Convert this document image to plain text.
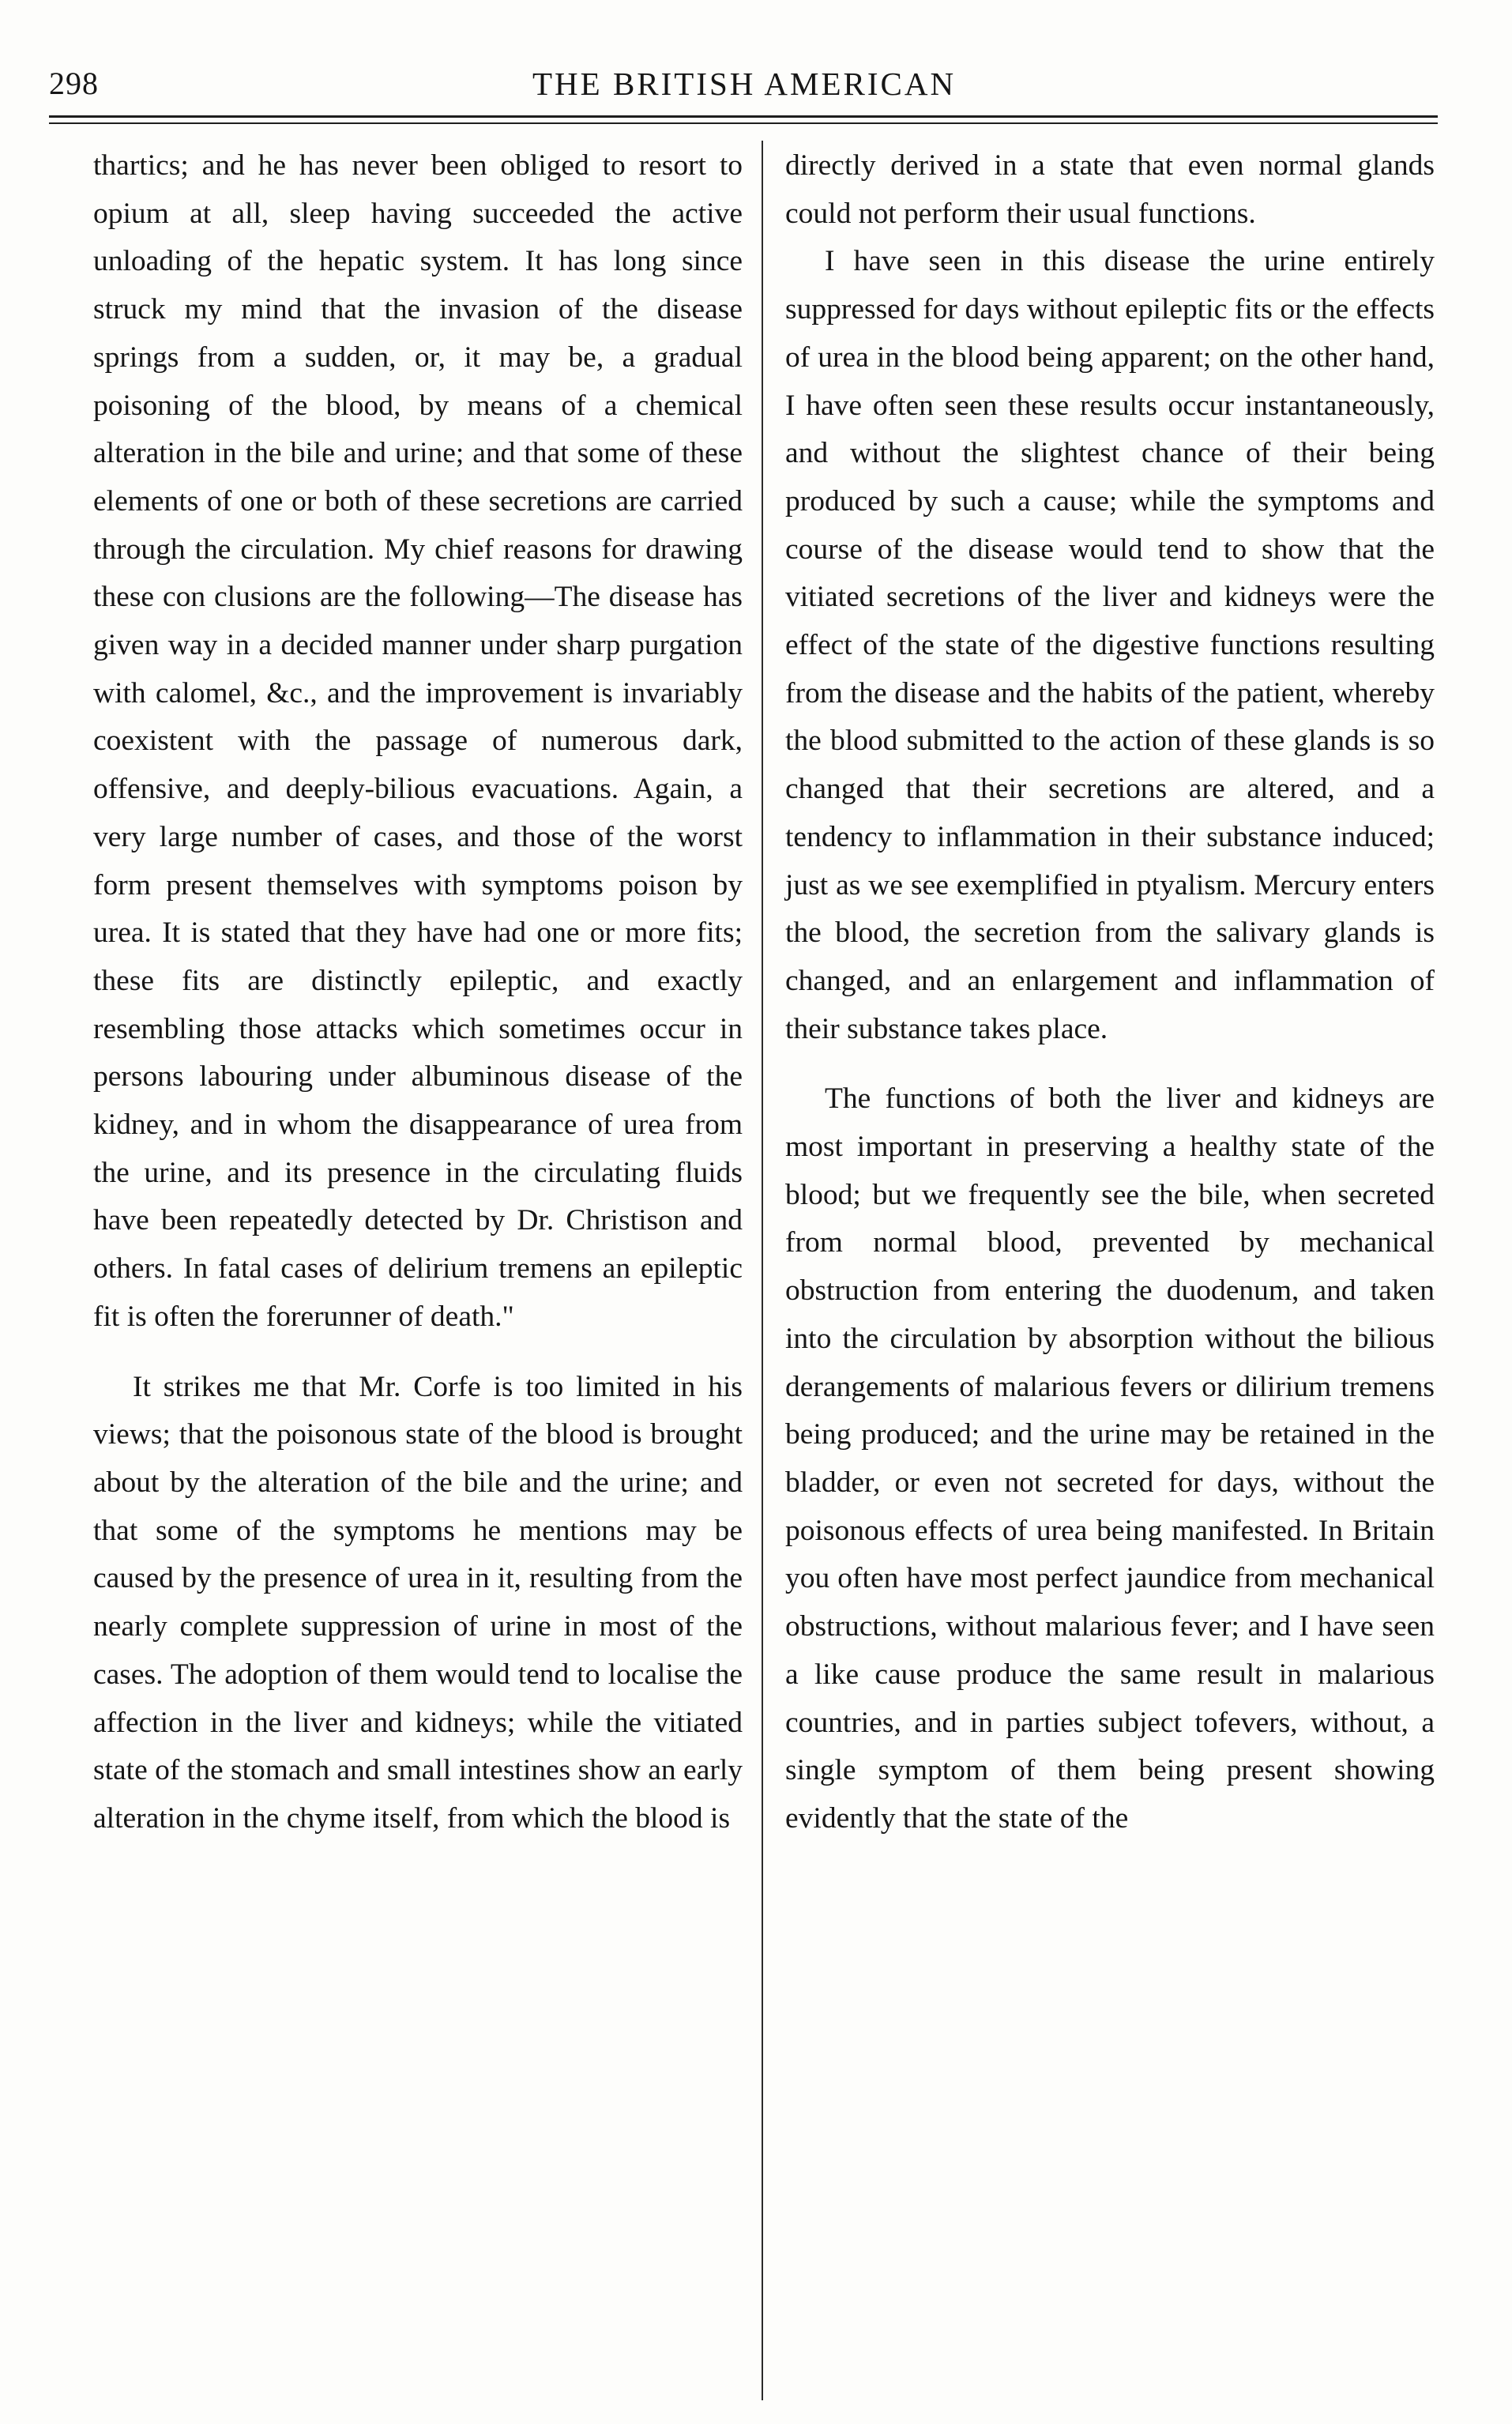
298	THE BRITISH AMERICAN

thartics; and he has never been obliged to resort to opium at all, sleep having succeeded the active unloading of the hepatic system. It has long since struck my mind that the invasion of the disease springs from a sudden, or, it may be, a gradual poisoning of the blood, by means of a chemical alteration in the bile and urine; and that some of these elements of one or both of these secretions are carried through the circulation. My chief reasons for drawing these con clusions are the following—The disease has given way in a decided manner under sharp purgation with calomel, &c., and the improvement is invariably coexistent with the passage of numerous dark, offensive, and deeply-bilious evacuations. Again, a very large number of cases, and those of the worst form present themselves with symptoms poison by urea. It is stated that they have had one or more fits; these fits are distinctly epileptic, and exactly resembling those attacks which sometimes occur in persons labouring under albuminous disease of the kidney, and in whom the disappearance of urea from the urine, and its presence in the circulating fluids have been repeatedly detected by Dr. Christison and others. In fatal cases of delirium tremens an epileptic fit is often the forerunner of death."

It strikes me that Mr. Corfe is too limited in his views; that the poisonous state of the blood is brought about by the alteration of the bile and the urine; and that some of the symptoms he mentions may be caused by the presence of urea in it, resulting from the nearly complete suppression of urine in most of the cases. The adoption of them would tend to localise the affection in the liver and kidneys; while the vitiated state of the stomach and small intestines show an early alteration in the chyme itself, from which the blood is

directly derived in a state that even normal glands could not perform their usual functions.

I have seen in this disease the urine entirely suppressed for days without epileptic fits or the effects of urea in the blood being apparent; on the other hand, I have often seen these results occur instantaneously, and without the slightest chance of their being produced by such a cause; while the symptoms and course of the disease would tend to show that the vitiated secretions of the liver and kidneys were the effect of the state of the digestive functions resulting from the disease and the habits of the patient, whereby the blood submitted to the action of these glands is so changed that their secretions are altered, and a tendency to inflammation in their substance induced; just as we see exemplified in ptyalism. Mercury enters the blood, the secretion from the salivary glands is changed, and an enlargement and inflammation of their substance takes place.

The functions of both the liver and kidneys are most important in preserving a healthy state of the blood; but we frequently see the bile, when secreted from normal blood, prevented by mechanical obstruction from entering the duodenum, and taken into the circulation by absorption without the bilious derangements of malarious fevers or dilirium tremens being produced; and the urine may be retained in the bladder, or even not secreted for days, without the poisonous effects of urea being manifested. In Britain you often have most perfect jaundice from mechanical obstructions, without malarious fever; and I have seen a like cause produce the same result in malarious countries, and in parties subject tofevers, without, a single symptom of them being present showing evidently that the state of the
